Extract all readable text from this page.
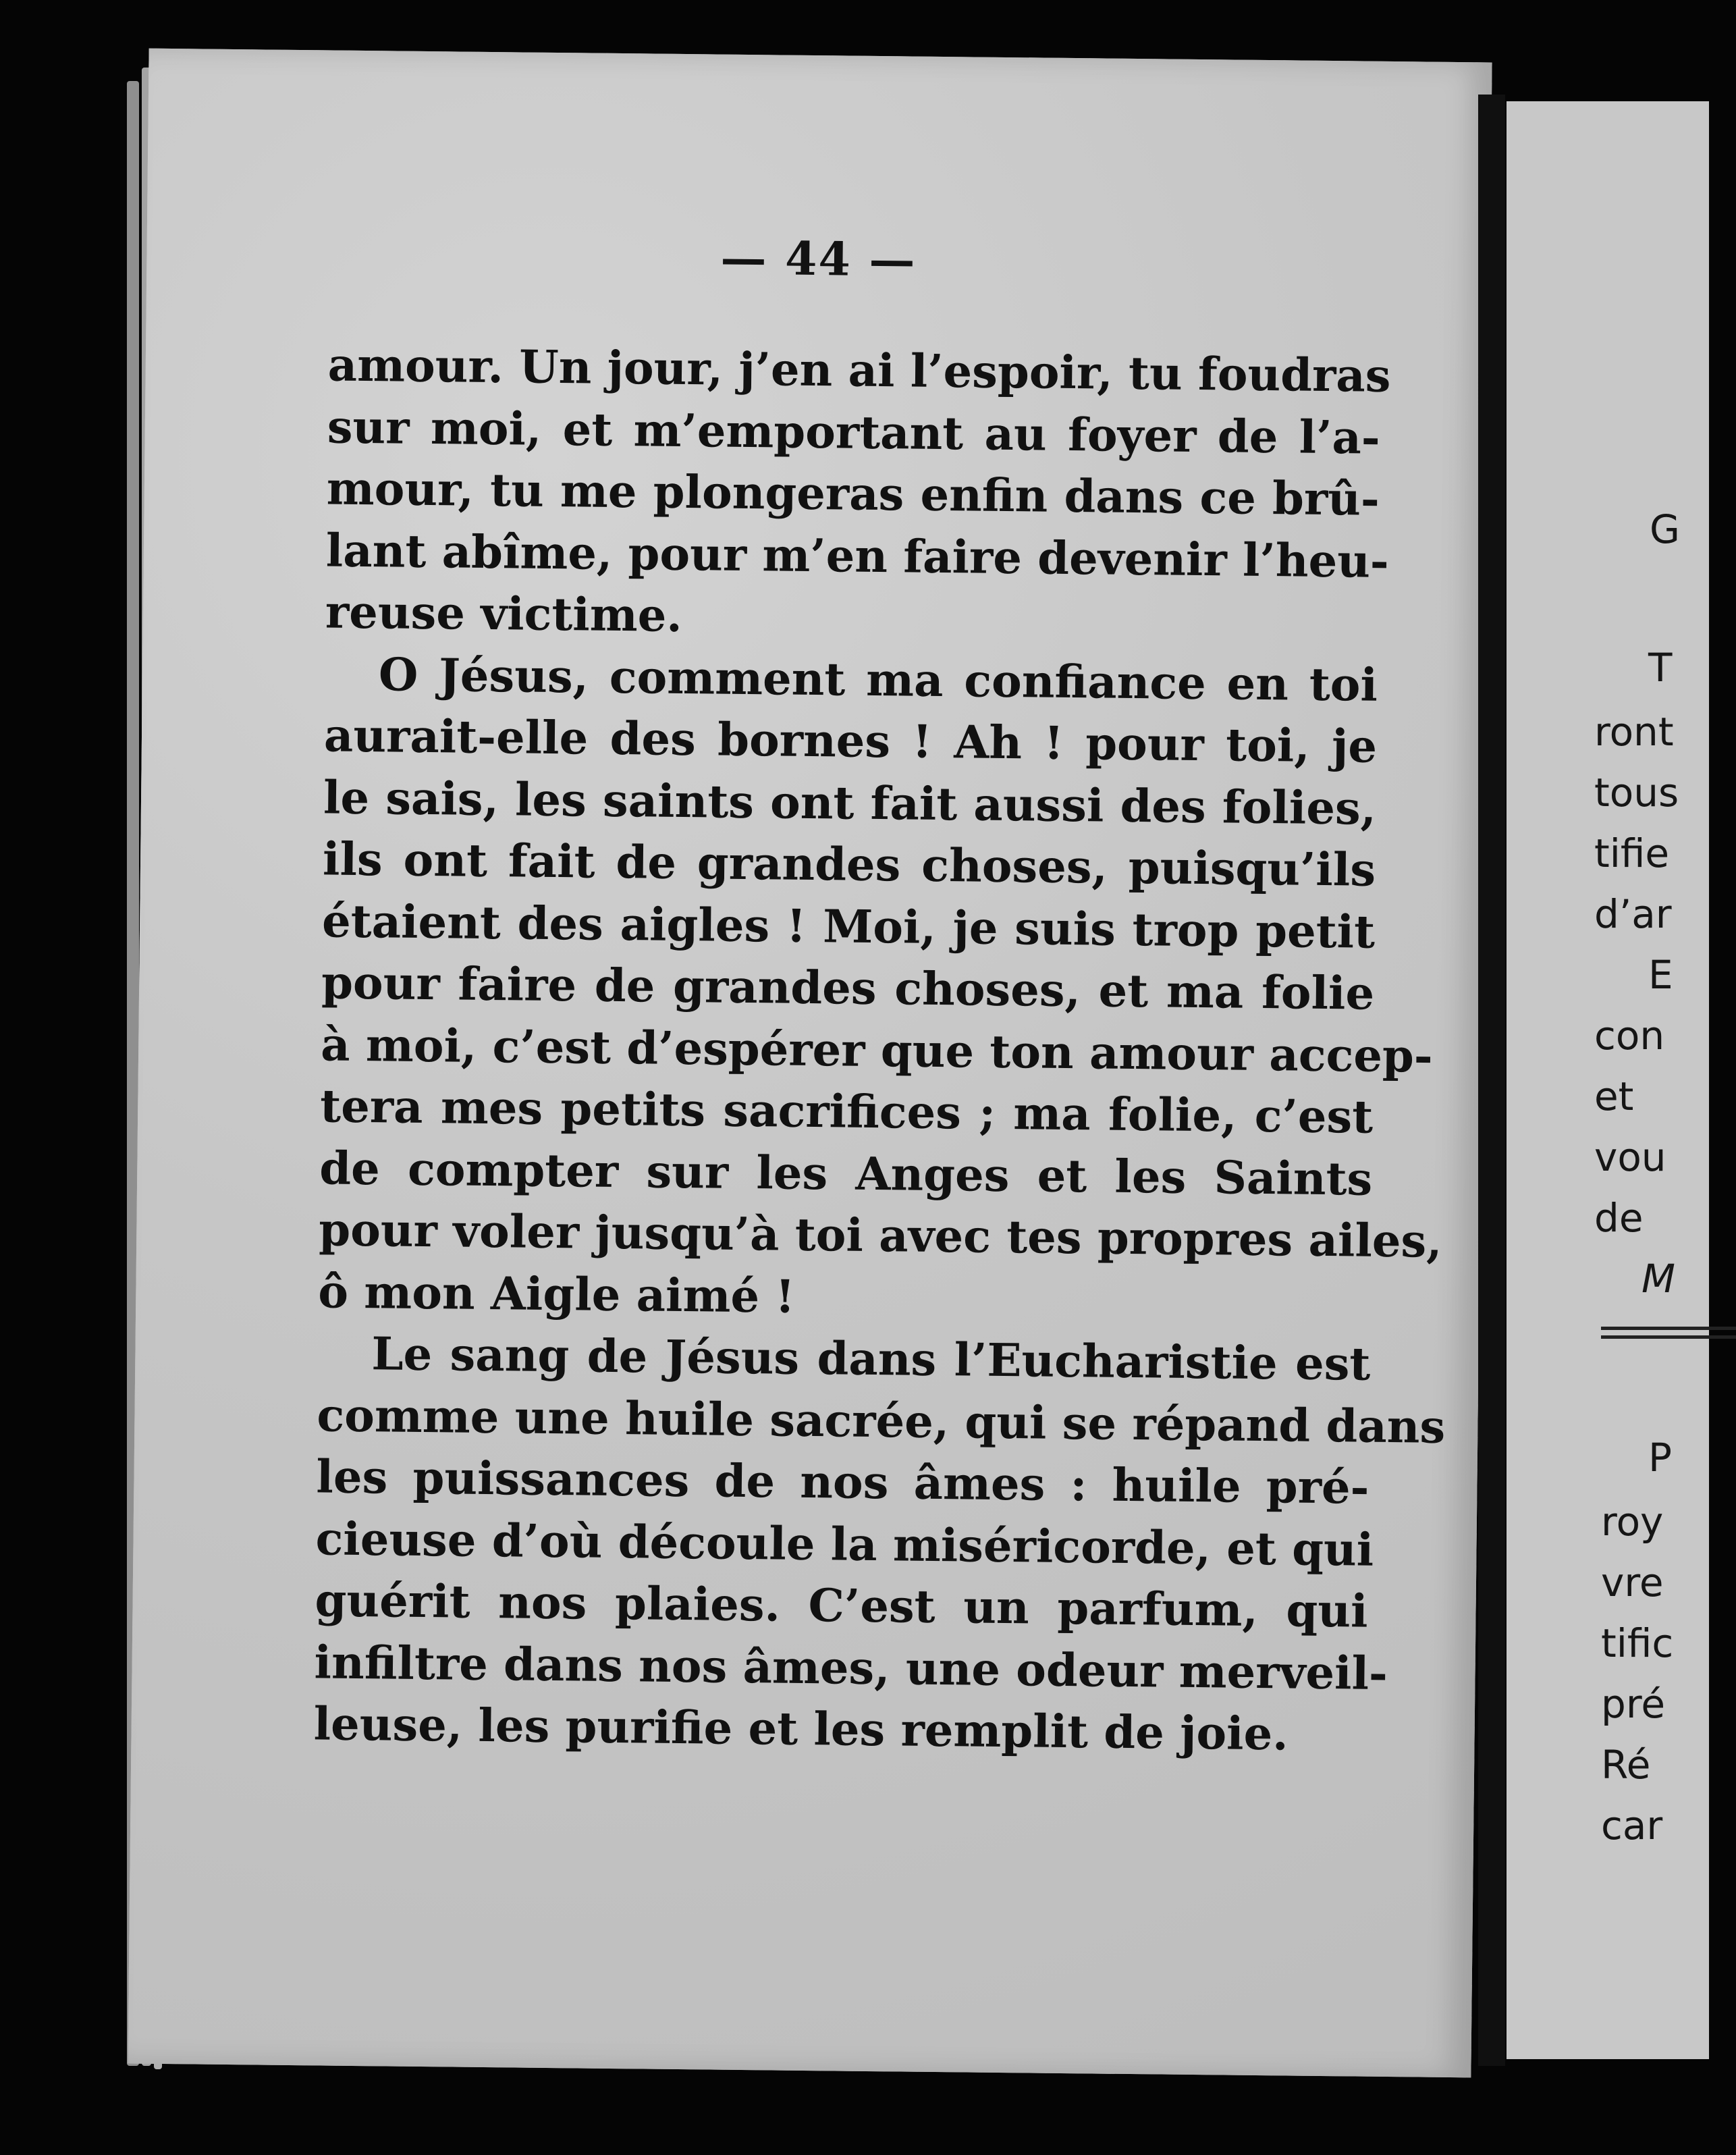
— 44 —

amour. Un jour, j’en ai l’espoir, tu foudras
sur moi, et m’emportant au foyer de l’a-
mour, tu me plongeras enfin dans ce brû-
lant abîme, pour m’en faire devenir l’heu-
reuse victime.

O Jésus, comment ma confiance en toi
aurait-elle des bornes ! Ah ! pour toi, je
le sais, les saints ont fait aussi des folies,
ils ont fait de grandes choses, puisqu’ils
étaient des aigles ! Moi, je suis trop petit
pour faire de grandes choses, et ma folie
à moi, c’est d’espérer que ton amour accep-
tera mes petits sacrifices ; ma folie, c’est
de compter sur les Anges et les Saints
pour voler jusqu’à toi avec tes propres ailes,
ô mon Aigle aimé !

Le sang de Jésus dans l’Eucharistie est
comme une huile sacrée, qui se répand dans
les puissances de nos âmes : huile pré-
cieuse d’où découle la miséricorde, et qui
guérit nos plaies. C’est un parfum, qui
infiltre dans nos âmes, une odeur merveil-
leuse, les purifie et les remplit de joie.

G
T
ront
tous
tifie
d’ar
E
con
et
vou
de
M
P
roy
vre
tific
pré
Ré
car
